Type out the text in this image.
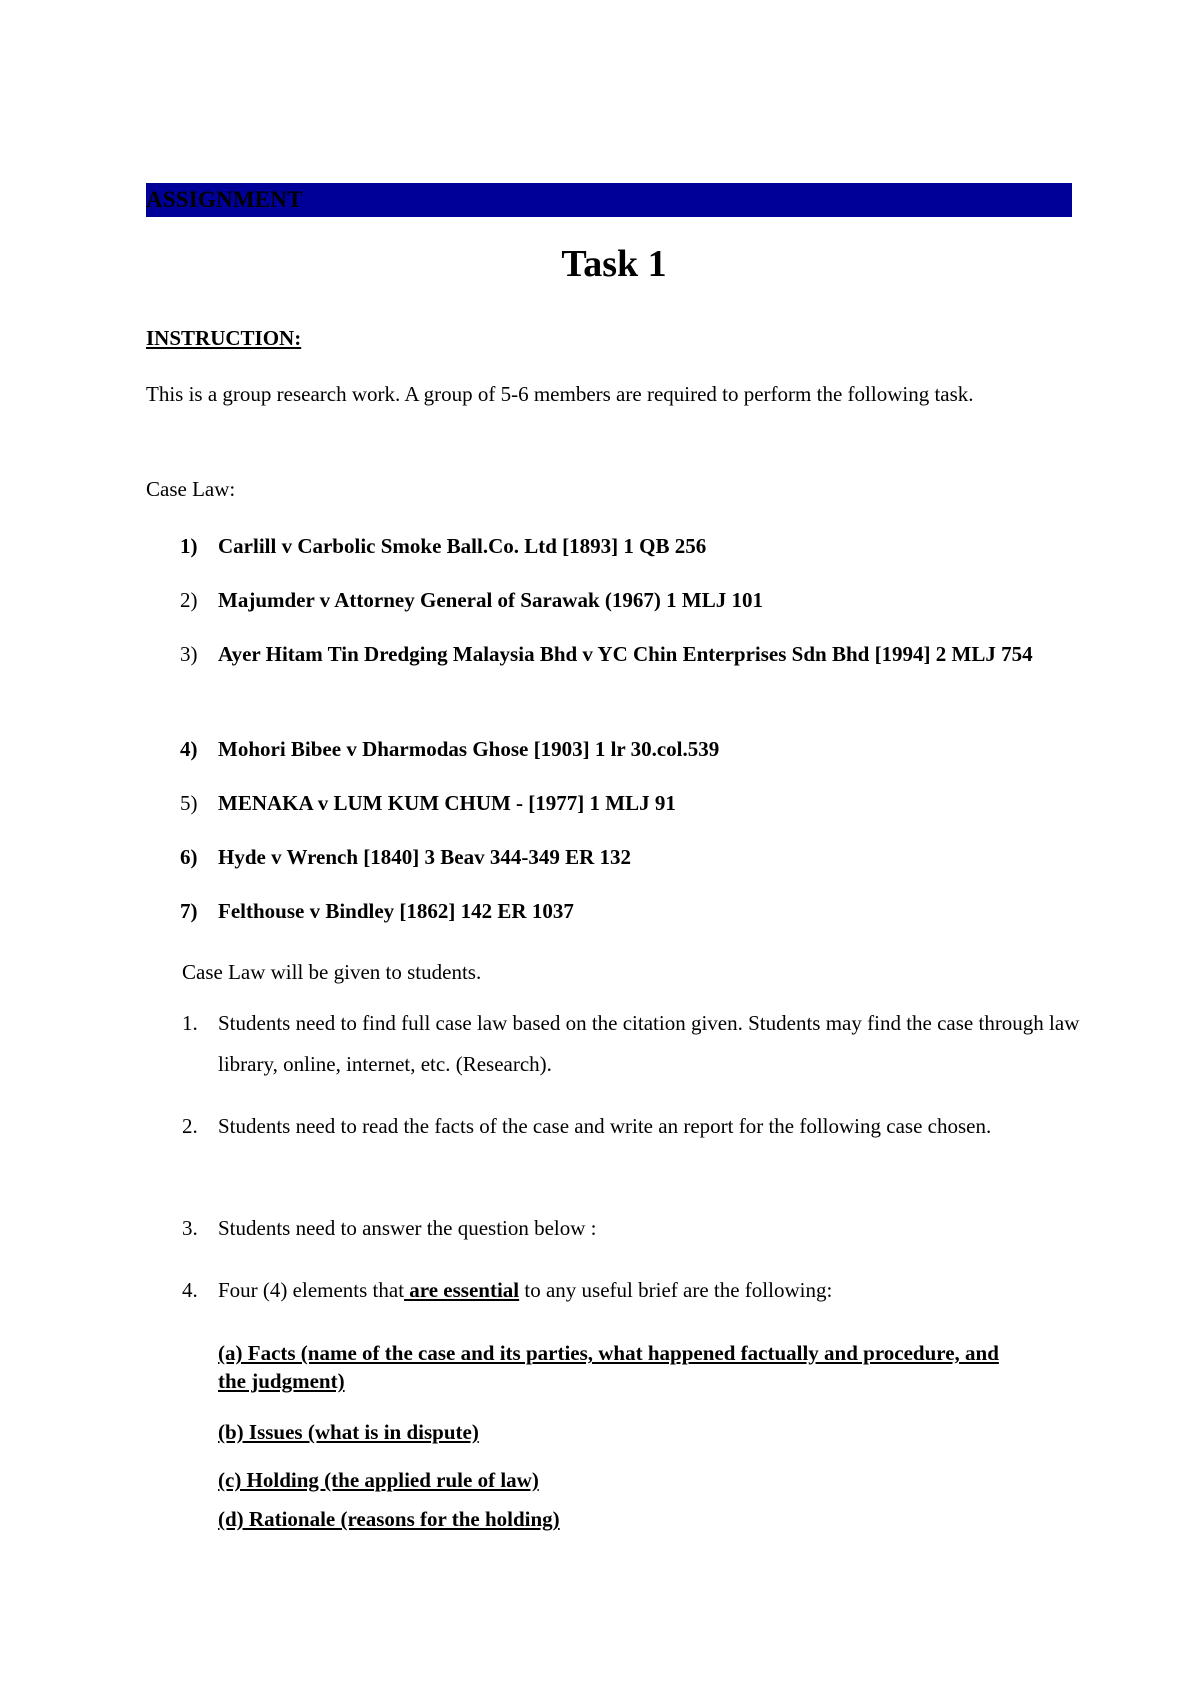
ASSIGNMENT
Task 1
INSTRUCTION:
This is a group research work. A group of 5-6 members are required to perform the following task.
Case Law:
1) Carlill v Carbolic Smoke Ball.Co. Ltd [1893] 1 QB 256
2) Majumder v Attorney General of Sarawak (1967) 1 MLJ 101
3) Ayer Hitam Tin Dredging Malaysia Bhd v YC Chin Enterprises Sdn Bhd [1994] 2 MLJ 754
4) Mohori Bibee v Dharmodas Ghose [1903] 1 lr 30.col.539
5) MENAKA v LUM KUM CHUM - [1977] 1 MLJ 91
6) Hyde v Wrench [1840] 3 Beav 344-349 ER 132
7) Felthouse v Bindley [1862] 142 ER 1037
Case Law will be given to students.
1. Students need to find full case law based on the citation given. Students may find the case through law library, online, internet, etc. (Research).
2. Students need to read the facts of the case and write an report for the following case chosen.
3. Students need to answer the question below :
4. Four (4) elements that are essential to any useful brief are the following:
(a) Facts (name of the case and its parties, what happened factually and procedure, and the judgment)
(b) Issues (what is in dispute)
(c) Holding (the applied rule of law)
(d) Rationale (reasons for the holding)
